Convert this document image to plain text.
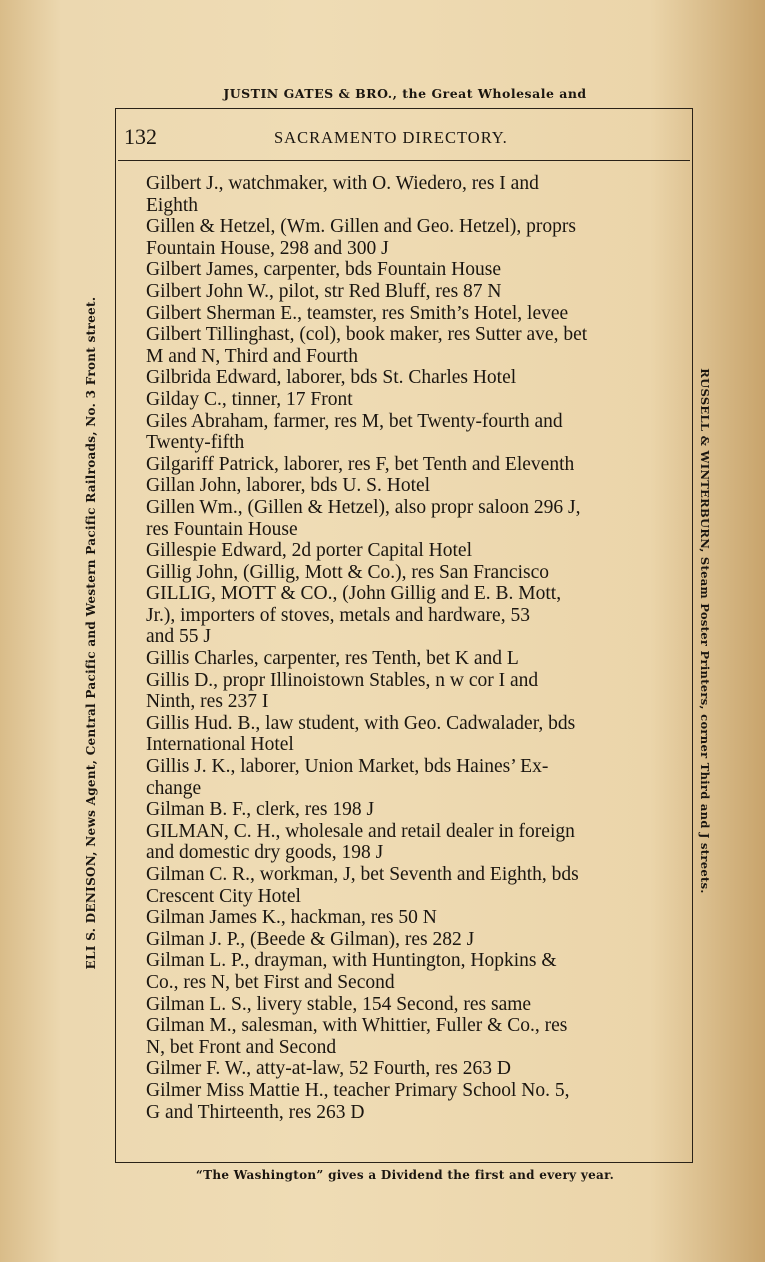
JUSTIN GATES & BRO., the Great Wholesale and
132	SACRAMENTO DIRECTORY.

Gilbert J., watchmaker, with O. Wiedero, res I and
Eighth

Gillen & Hetzel, (Wm. Gillen and Geo. Hetzel), proprs
Fountain House, 298 and 300 J

Gilbert James, carpenter, bds Fountain House

Gilbert John W., pilot, str Red Bluff, res 87 N

Gilbert Sherman E., teamster, res Smith’s Hotel, levee

Gilbert Tillinghast, (col), book maker, res Sutter ave, bet
M and N, Third and Fourth

Gilbrida Edward, laborer, bds St. Charles Hotel

Gilday C., tinner, 17 Front

Giles Abraham, farmer, res M, bet Twenty-fourth and
Twenty-fifth

Gilgariff Patrick, laborer, res F, bet Tenth and Eleventh

Gillan John, laborer, bds U. S. Hotel

Gillen Wm., (Gillen & Hetzel), also propr saloon 296 J,
res Fountain House

Gillespie Edward, 2d porter Capital Hotel

Gillig John, (Gillig, Mott & Co.), res San Francisco

GILLIG, MOTT & CO., (John Gillig and E. B. Mott,
Jr.), importers of stoves, metals and hardware, 53
and 55 J

Gillis Charles, carpenter, res Tenth, bet K and L

Gillis D., propr Illinoistown Stables, n w cor I and
Ninth, res 237 I

Gillis Hud. B., law student, with Geo. Cadwalader, bds
International Hotel

Gillis J. K., laborer, Union Market, bds Haines’ Ex-
change

Gilman B. F., clerk, res 198 J

GILMAN, C. H., wholesale and retail dealer in foreign
and domestic dry goods, 198 J

Gilman C. R., workman, J, bet Seventh and Eighth, bds
Crescent City Hotel

Gilman James K., hackman, res 50 N

Gilman J. P., (Beede & Gilman), res 282 J

Gilman L. P., drayman, with Huntington, Hopkins &
Co., res N, bet First and Second

Gilman L. S., livery stable, 154 Second, res same

Gilman M., salesman, with Whittier, Fuller & Co., res
N, bet Front and Second

Gilmer F. W., atty-at-law, 52 Fourth, res 263 D

Gilmer Miss Mattie H., teacher Primary School No. 5,
G and Thirteenth, res 263 D

ELI S. DENISON, News Agent, Central Pacific and Western Pacific Railroads, No. 3 Front street.	RUSSELL & WINTERBURN, Steam Poster Printers, corner Third and J streets.
“The Washington” gives a Dividend the first and every year.
